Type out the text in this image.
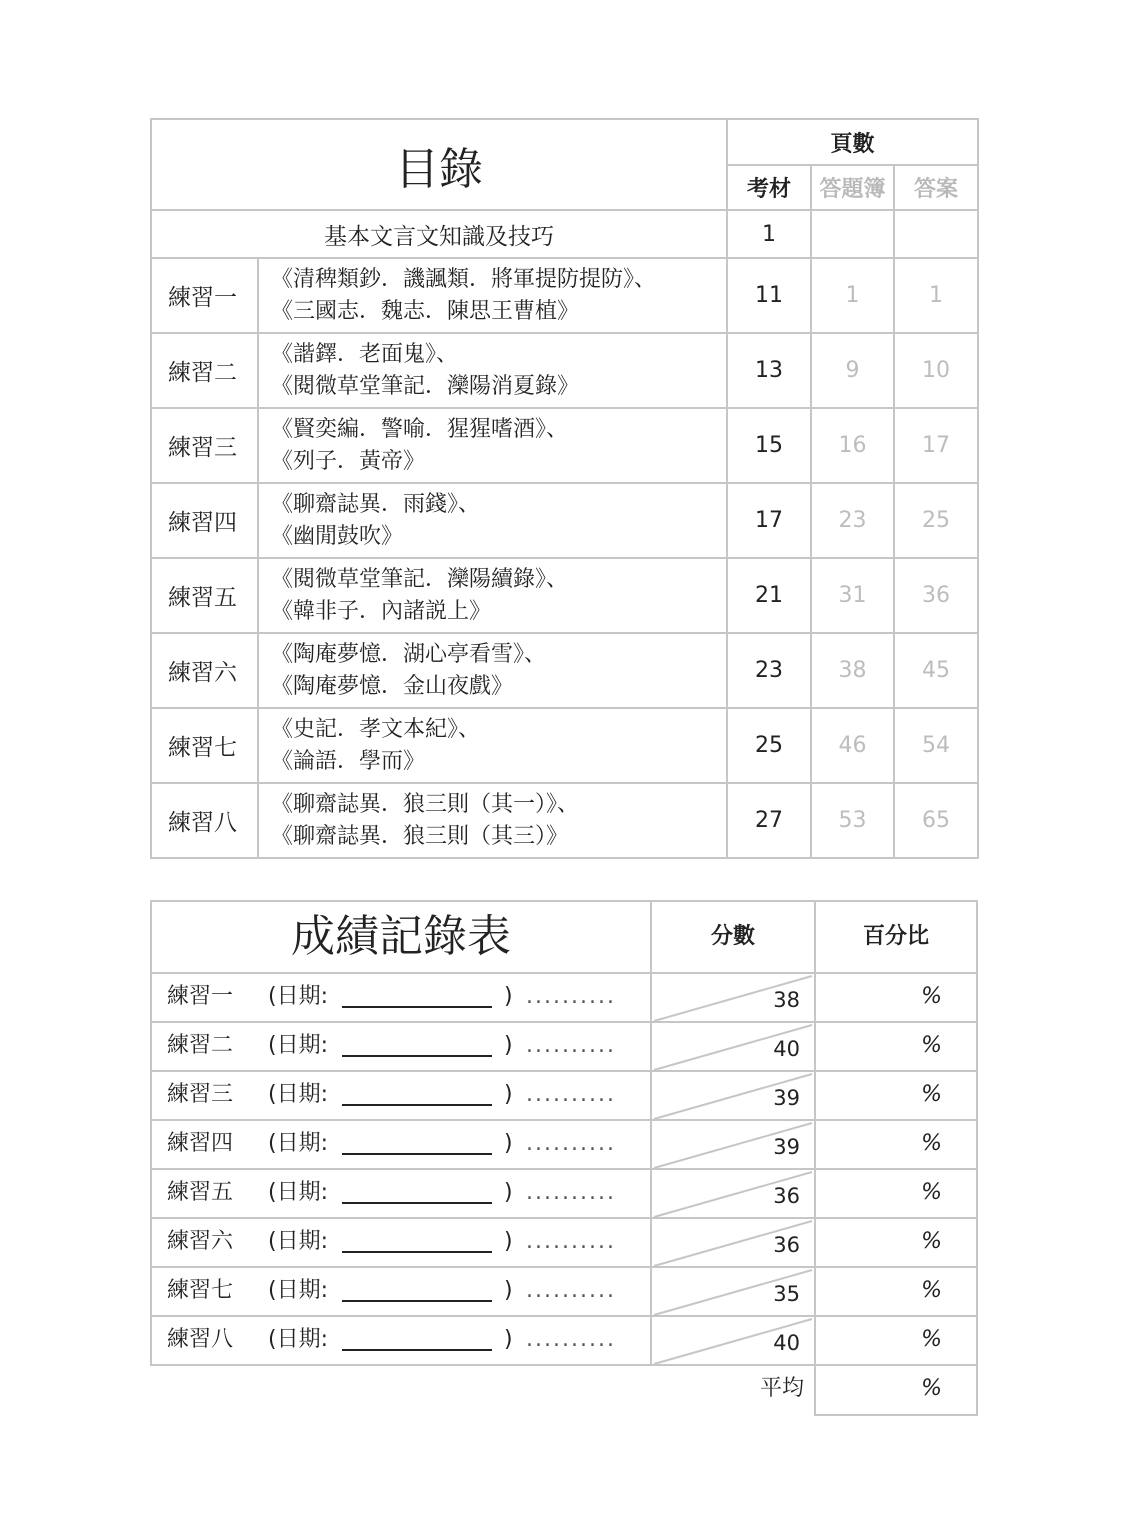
目錄		頁數		
		考材	答題簿	答案
基本文言文知識及技巧		1		
練習一	《清稗類鈔．譏諷類．將軍提防提防》、
《三國志．魏志．陳思王曹植》	11	1	1
練習二	《諧鐸．老面鬼》、
《閱微草堂筆記．灤陽消夏錄》	13	9	10
練習三	《賢奕編．警喻．猩猩嗜酒》、
《列子．黃帝》	15	16	17
練習四	《聊齋誌異．雨錢》、
《幽閒鼓吹》	17	23	25
練習五	《閱微草堂筆記．灤陽續錄》、
《韓非子．內諸説上》	21	31	36
練習六	《陶庵夢憶．湖心亭看雪》、
《陶庵夢憶．金山夜戲》	23	38	45
練習七	《史記．孝文本紀》、
《論語．學而》	25	46	54
練習八	《聊齋誌異．狼三則（其一）》、
《聊齋誌異．狼三則（其三）》	27	53	65
成績記錄表	分數	百分比
練習一 (日期:	) ..........	38	%
練習二 (日期:	) ..........	40	%
練習三 (日期:	) ..........	39	%
練習四 (日期:	) ..........	39	%
練習五 (日期:	) ..........	36	%
練習六 (日期:	) ..........	36	%
練習七 (日期:	) ..........	35	%
練習八 (日期:	) ..........	40	%
平均	%
